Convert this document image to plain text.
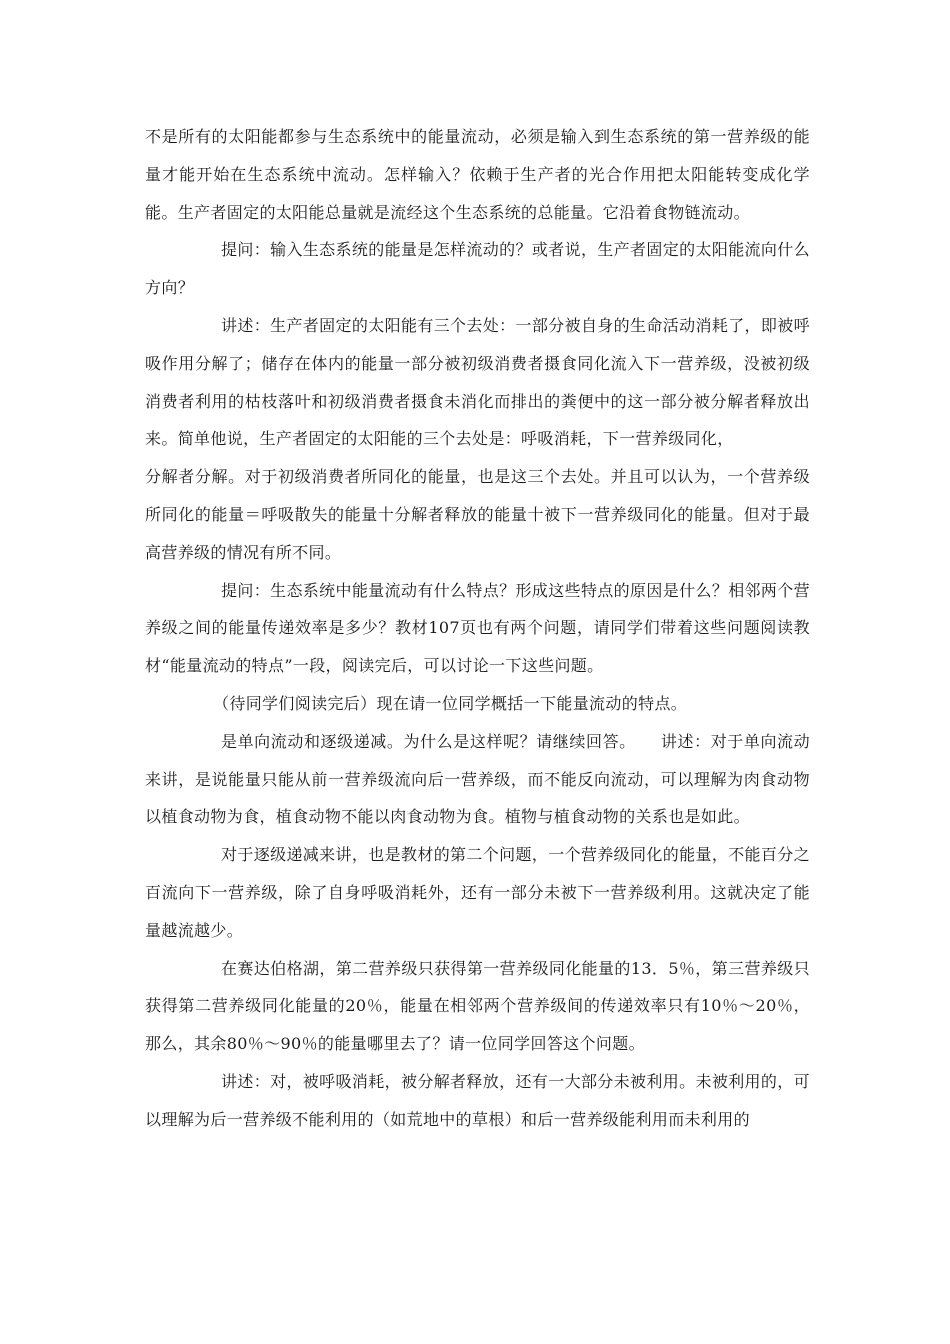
不是所有的太阳能都参与生态系统中的能量流动，必须是输入到生态系统的第一营养级的能量才能开始在生态系统中流动。怎样输入？依赖于生产者的光合作用把太阳能转变成化学能。生产者固定的太阳能总量就是流经这个生态系统的总能量。它沿着食物链流动。

提问：输入生态系统的能量是怎样流动的？或者说，生产者固定的太阳能流向什么方向？

讲述：生产者固定的太阳能有三个去处：一部分被自身的生命活动消耗了，即被呼吸作用分解了；储存在体内的能量一部分被初级消费者摄食同化流入下一营养级，没被初级消费者利用的枯枝落叶和初级消费者摄食未消化而排出的粪便中的这一部分被分解者释放出来。简单他说，生产者固定的太阳能的三个去处是：呼吸消耗，下一营养级同化，

分解者分解。对于初级消费者所同化的能量，也是这三个去处。并且可以认为，一个营养级所同化的能量＝呼吸散失的能量十分解者释放的能量十被下一营养级同化的能量。但对于最高营养级的情况有所不同。

提问：生态系统中能量流动有什么特点？形成这些特点的原因是什么？相邻两个营养级之间的能量传递效率是多少？教材107页也有两个问题，请同学们带着这些问题阅读教材“能量流动的特点”一段，阅读完后，可以讨论一下这些问题。

（待同学们阅读完后）现在请一位同学概括一下能量流动的特点。

是单向流动和逐级递减。为什么是这样呢？请继续回答。　　讲述：对于单向流动来讲，是说能量只能从前一营养级流向后一营养级，而不能反向流动，可以理解为肉食动物以植食动物为食，植食动物不能以肉食动物为食。植物与植食动物的关系也是如此。

对于逐级递减来讲，也是教材的第二个问题，一个营养级同化的能量，不能百分之百流向下一营养级，除了自身呼吸消耗外，还有一部分未被下一营养级利用。这就决定了能量越流越少。

在赛达伯格湖，第二营养级只获得第一营养级同化能量的13．5％，第三营养级只获得第二营养级同化能量的20％，能量在相邻两个营养级间的传递效率只有10％～20％，那么，其余80％～90％的能量哪里去了？请一位同学回答这个问题。

讲述：对，被呼吸消耗，被分解者释放，还有一大部分未被利用。未被利用的，可以理解为后一营养级不能利用的（如荒地中的草根）和后一营养级能利用而未利用的
